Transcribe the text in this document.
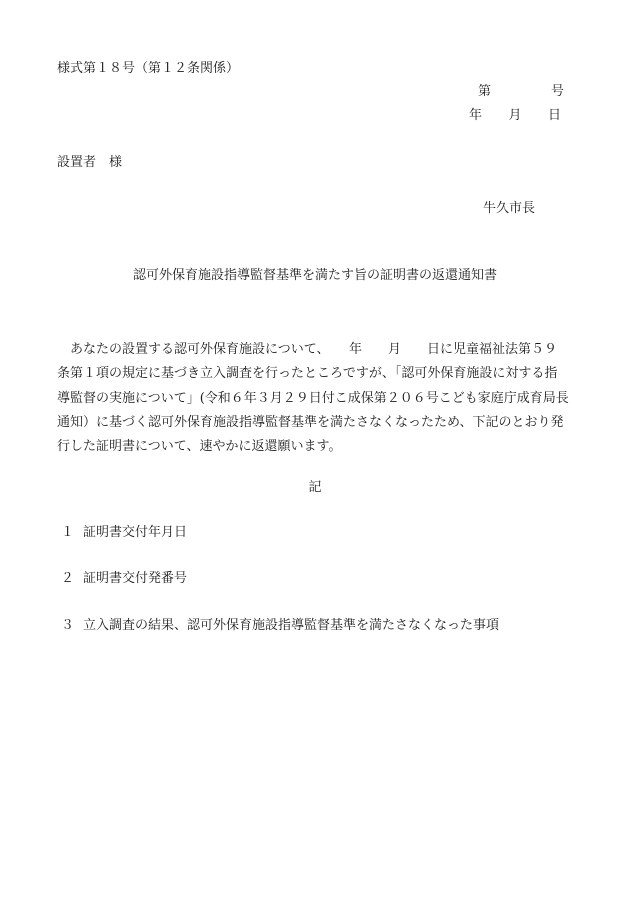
様式第１８号（第１２条関係）
第	号
年 月 日
設置者　様
牛久市長
認可外保育施設指導監督基準を満たす旨の証明書の返還通知書
あなたの設置する認可外保育施設について、　　年　　月　　日に児童福祉法第５９
条第１項の規定に基づき立入調査を行ったところですが、「認可外保育施設に対する指
導監督の実施について」(令和６年３月２９日付こ成保第２０６号こども家庭庁成育局長
通知）に基づく認可外保育施設指導監督基準を満たさなくなったため、下記のとおり発
行した証明書について、速やかに返還願います。
記
１ 証明書交付年月日
２ 証明書交付発番号
３ 立入調査の結果、認可外保育施設指導監督基準を満たさなくなった事項
